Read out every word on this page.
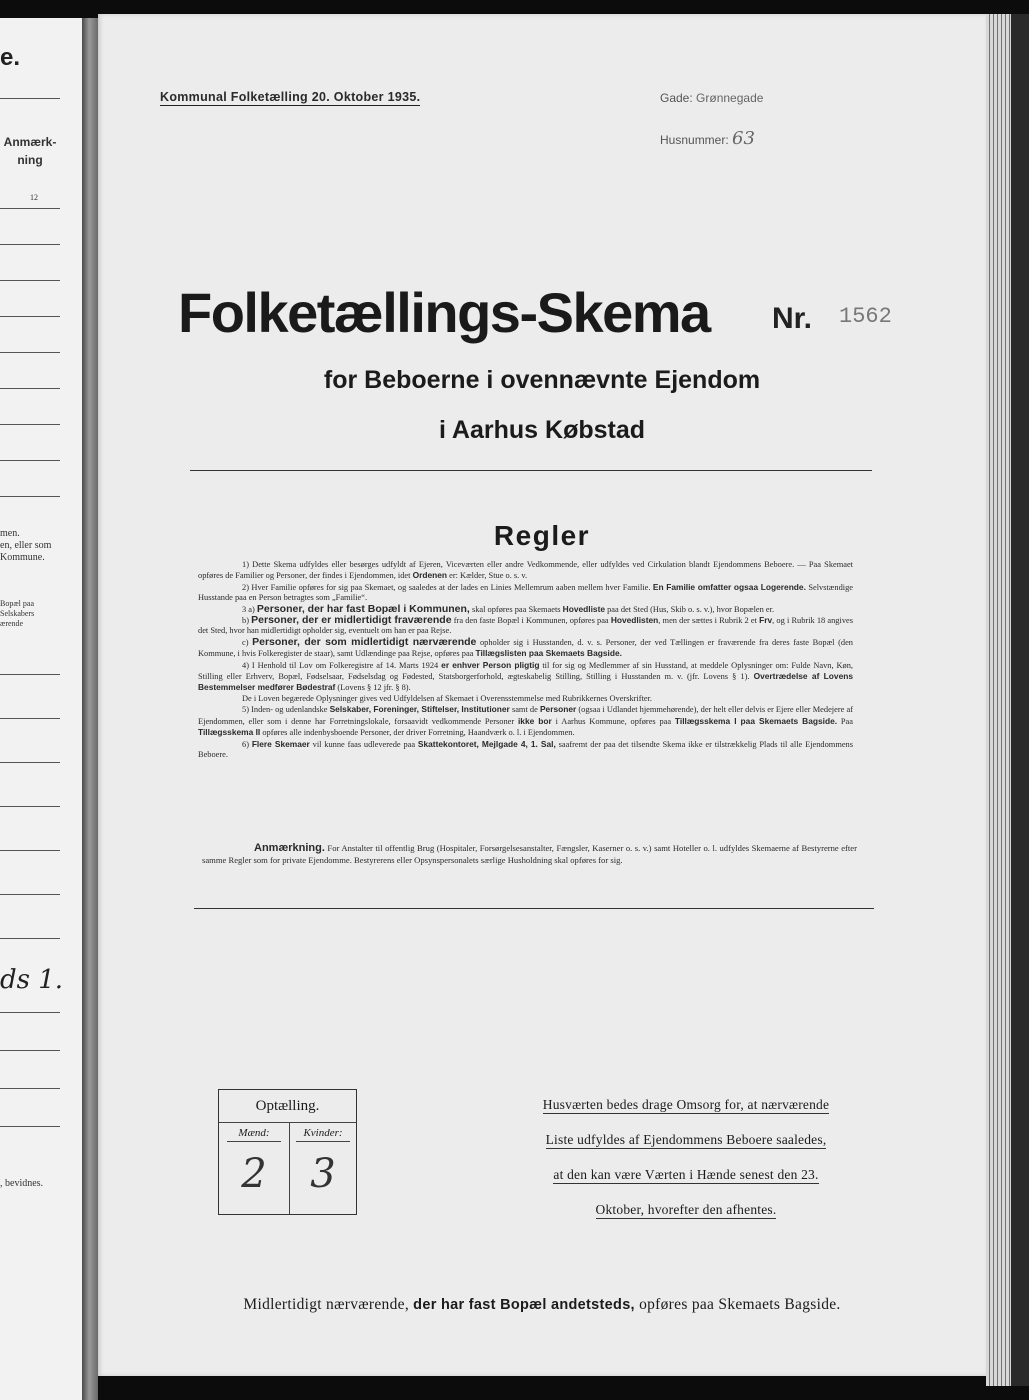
e.
Anmærk-
ning
12
men.
en, eller som
Kommune.
Bopæl paa
Selskabers
ærende
ds 1.
, bevidnes.
Kommunal Folketælling 20. Oktober 1935.	Gade: Grønnegade
Husnummer: 63
Folketællings-Skema Nr. 1562
for Beboerne i ovennævnte Ejendom
i Aarhus Købstad
Regler

1) Dette Skema udfyldes eller besørges udfyldt af Ejeren, Viceværten eller andre Vedkommende, eller udfyldes ved Cirkulation blandt Ejendommens Beboere. — Paa Skemaet opføres de Familier og Personer, der findes i Ejendommen, idet Ordenen er: Kælder, Stue o. s. v.

2) Hver Familie opføres for sig paa Skemaet, og saaledes at der lades en Linies Mellemrum aaben mellem hver Familie. En Familie omfatter ogsaa Logerende. Selvstændige Husstande paa en Person betragtes som „Familie“.

3 a) Personer, der har fast Bopæl i Kommunen, skal opføres paa Skemaets Hovedliste paa det Sted (Hus, Skib o. s. v.), hvor Bopælen er.

b) Personer, der er midlertidigt fraværende fra den faste Bopæl i Kommunen, opføres paa Hovedlisten, men der sættes i Rubrik 2 et Frv, og i Rubrik 18 angives det Sted, hvor han midlertidigt opholder sig, eventuelt om han er paa Rejse.

c) Personer, der som midlertidigt nærværende opholder sig i Husstanden, d. v. s. Personer, der ved Tællingen er fraværende fra deres faste Bopæl (den Kommune, i hvis Folkeregister de staar), samt Udlændinge paa Rejse, opføres paa Tillægslisten paa Skemaets Bagside.

4) I Henhold til Lov om Folkeregistre af 14. Marts 1924 er enhver Person pligtig til for sig og Medlemmer af sin Husstand, at meddele Oplysninger om: Fulde Navn, Køn, Stilling eller Erhverv, Bopæl, Fødselsaar, Fødselsdag og Fødested, Statsborgerforhold, ægteskabelig Stilling, Stilling i Husstanden m. v. (jfr. Lovens § 1). Overtrædelse af Lovens Bestemmelser medfører Bødestraf (Lovens § 12 jfr. § 8).

De i Loven begærede Oplysninger gives ved Udfyldelsen af Skemaet i Overensstemmelse med Rubrikkernes Overskrifter.

5) Inden- og udenlandske Selskaber, Foreninger, Stiftelser, Institutioner samt de Personer (ogsaa i Udlandet hjemmehørende), der helt eller delvis er Ejere eller Medejere af Ejendommen, eller som i denne har Forretningslokale, forsaavidt vedkommende Personer ikke bor i Aarhus Kommune, opføres paa Tillægsskema I paa Skemaets Bagside. Paa Tillægsskema II opføres alle indenbysboende Personer, der driver Forretning, Haandværk o. l. i Ejendommen.

6) Flere Skemaer vil kunne faas udleverede paa Skattekontoret, Mejlgade 4, 1. Sal, saafremt der paa det tilsendte Skema ikke er tilstrækkelig Plads til alle Ejendommens Beboere.

Anmærkning. For Anstalter til offentlig Brug (Hospitaler, Forsørgelsesanstalter, Fængsler, Kaserner o. s. v.) samt Hoteller o. l. udfyldes Skemaerne af Bestyrerne efter samme Regler som for private Ejendomme. Bestyrerens eller Opsynspersonalets særlige Husholdning skal opføres for sig.
Optælling.
Mænd:
2
Kvinder:
3
Husværten bedes drage Omsorg for, at nærværende
Liste udfyldes af Ejendommens Beboere saaledes,
at den kan være Værten i Hænde senest den 23.
Oktober, hvorefter den afhentes.
Midlertidigt nærværende, der har fast Bopæl andetsteds, opføres paa Skemaets Bagside.
